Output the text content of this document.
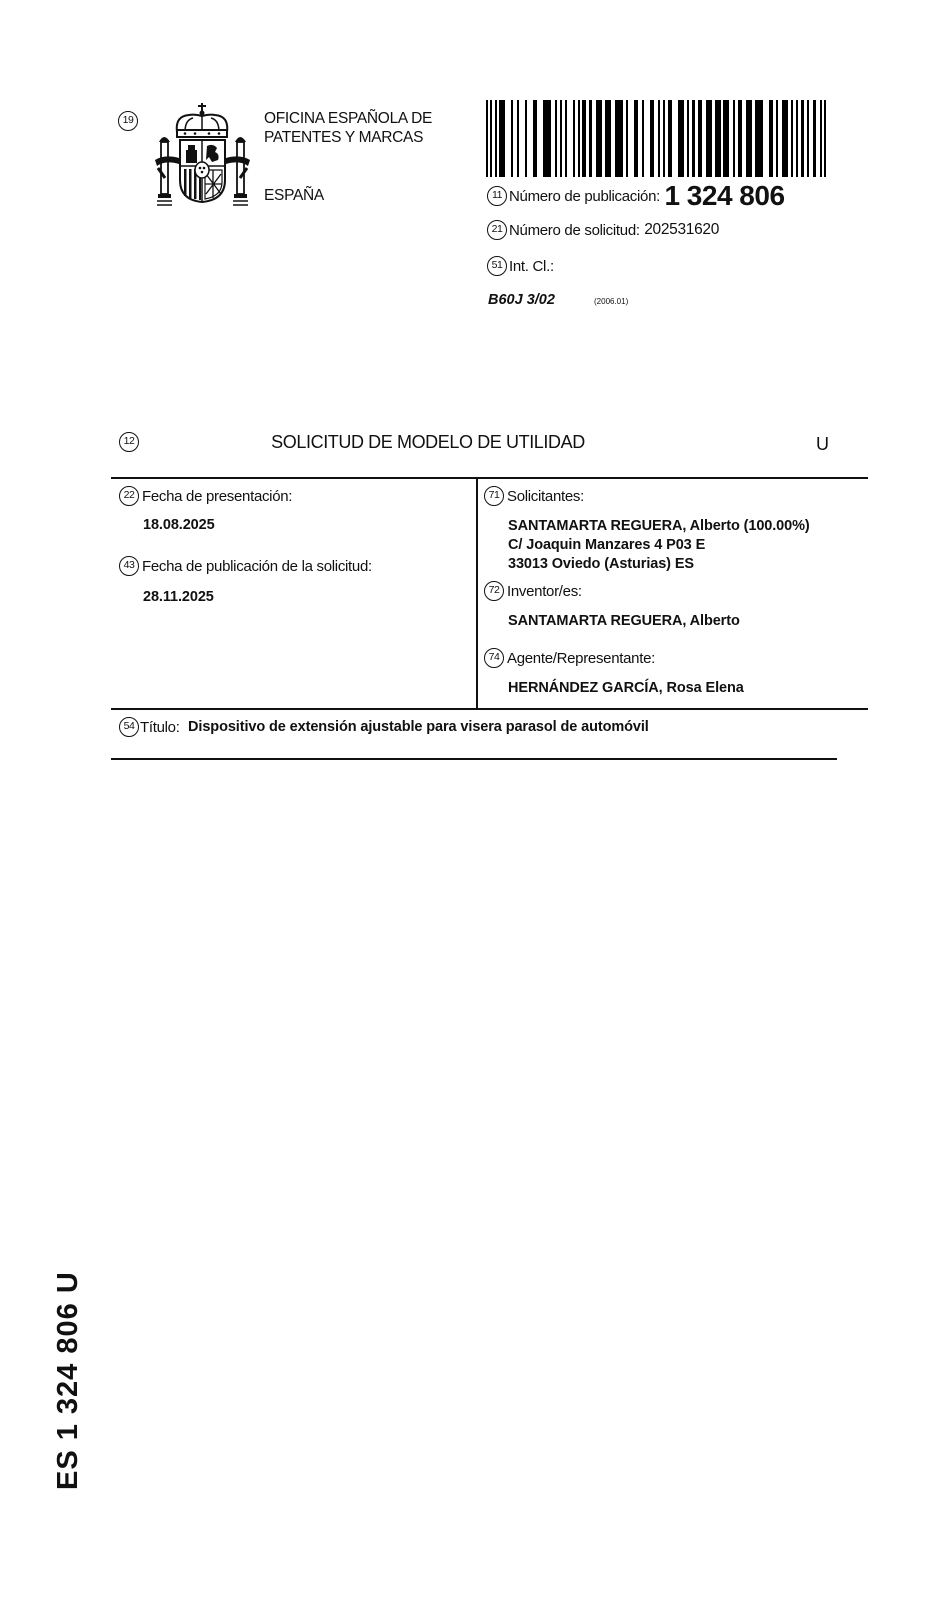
19	OFICINA ESPAÑOLA DE
PATENTES Y MARCAS
ESPAÑA	11 Número de publicación: 1 324 806
21 Número de solicitud: 202531620
51 Int. Cl.:
B60J 3/02	(2006.01)
12	SOLICITUD DE MODELO DE UTILIDAD	U
22 Fecha de presentación:
18.08.2025
43 Fecha de publicación de la solicitud:
28.11.2025
71 Solicitantes:
SANTAMARTA REGUERA, Alberto (100.00%)
C/ Joaquin Manzares 4 P03 E
33013 Oviedo (Asturias) ES
72 Inventor/es:
SANTAMARTA REGUERA, Alberto
74 Agente/Representante:
HERNÁNDEZ GARCÍA, Rosa Elena
54 Título: Dispositivo de extensión ajustable para visera parasol de automóvil
ES 1 324 806 U
